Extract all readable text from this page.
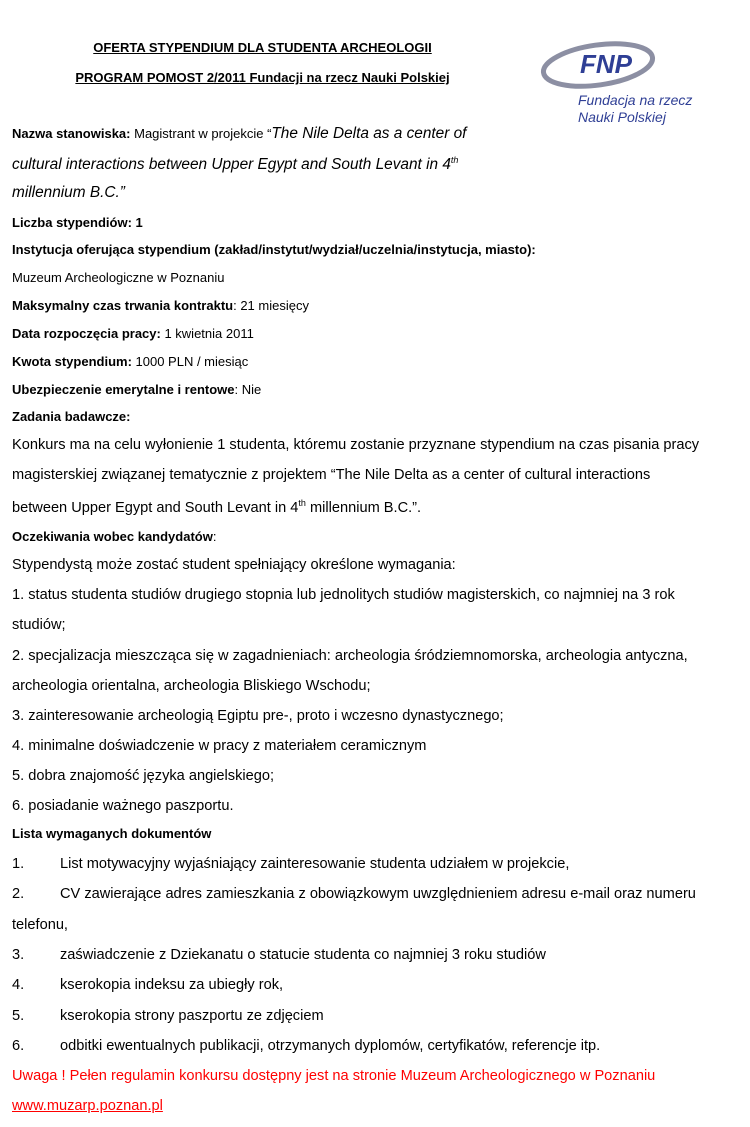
OFERTA STYPENDIUM DLA STUDENTA ARCHEOLOGII
PROGRAM POMOST 2/2011 Fundacji na rzecz Nauki Polskiej	FNP
Fundacja na rzecz
Nauki Polskiej
Nazwa stanowiska: Magistrant w projekcie “The Nile Delta as a center of
cultural interactions between Upper Egypt and South Levant in 4th
millennium B.C.”
Liczba stypendiów: 1
Instytucja oferująca stypendium (zakład/instytut/wydział/uczelnia/instytucja, miasto):
Muzeum Archeologiczne w Poznaniu
Maksymalny czas trwania kontraktu: 21 miesięcy
Data rozpoczęcia pracy: 1 kwietnia 2011
Kwota stypendium: 1000 PLN / miesiąc
Ubezpieczenie emerytalne i rentowe: Nie
Zadania badawcze:
Konkurs ma na celu wyłonienie 1 studenta, któremu zostanie przyznane stypendium na czas pisania pracy
magisterskiej związanej tematycznie z projektem “The Nile Delta as a center of cultural interactions
between Upper Egypt and South Levant in 4th millennium B.C.”.
Oczekiwania wobec kandydatów:
Stypendystą może zostać student spełniający określone wymagania:
1. status studenta studiów drugiego stopnia lub jednolitych studiów magisterskich, co najmniej na 3 rok
studiów;
2. specjalizacja mieszcząca się w zagadnieniach: archeologia śródziemnomorska, archeologia antyczna,
archeologia orientalna, archeologia Bliskiego Wschodu;
3. zainteresowanie archeologią Egiptu pre-, proto i wczesno dynastycznego;
4. minimalne doświadczenie w pracy z materiałem ceramicznym
5. dobra znajomość języka angielskiego;
6. posiadanie ważnego paszportu.
Lista wymaganych dokumentów
1. List motywacyjny wyjaśniający zainteresowanie studenta udziałem w projekcie,
2. CV zawierające adres zamieszkania z obowiązkowym uwzględnieniem adresu e-mail oraz numeru
telefonu,
3. zaświadczenie z Dziekanatu o statucie studenta co najmniej 3 roku studiów
4. kserokopia indeksu za ubiegły rok,
5. kserokopia strony paszportu ze zdjęciem
6. odbitki ewentualnych publikacji, otrzymanych dyplomów, certyfikatów, referencje itp.
Uwaga ! Pełen regulamin konkursu dostępny jest na stronie Muzeum Archeologicznego w Poznaniu
www.muzarp.poznan.pl
